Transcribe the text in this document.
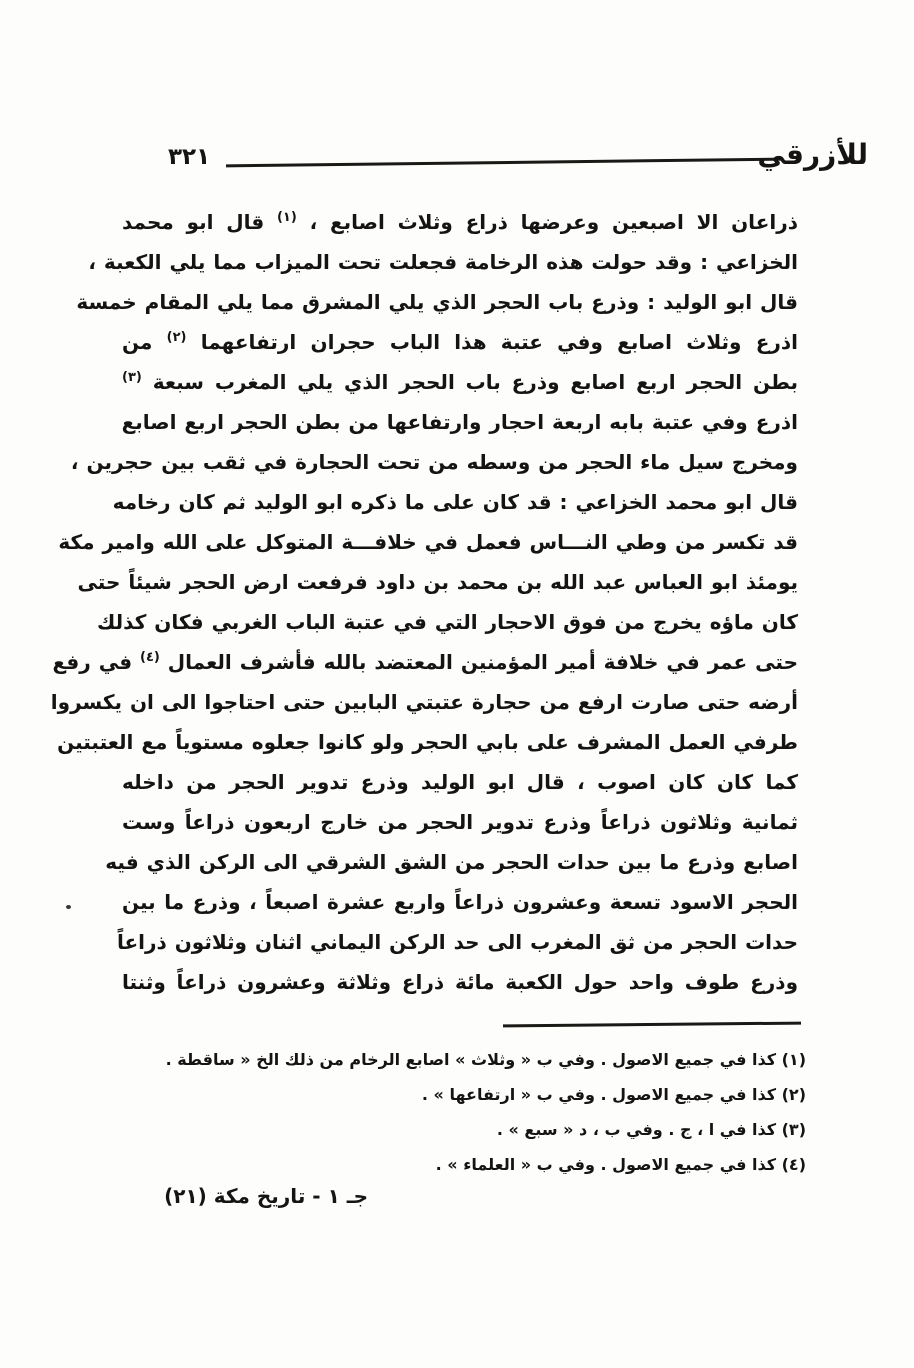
٣٢١	للأزرقي
ذراعان الا اصبعين وعرضها ذراع وثلاث اصابع ، $^{(١)}$ قال ابو محمد
الخزاعي : وقد حولت هذه الرخامة فجعلت تحت الميزاب مما يلي الكعبة ،
قال ابو الوليد : وذرع باب الحجر الذي يلي المشرق مما يلي المقام خمسة
اذرع وثلاث اصابع وفي عتبة هذا الباب حجران ارتفاعهما $^{(٢)}$ من
بطن الحجر اربع اصابع وذرع باب الحجر الذي يلي المغرب سبعة $^{(٣)}$
اذرع وفي عتبة بابه اربعة احجار وارتفاعها من بطن الحجر اربع اصابع
ومخرج سيل ماء الحجر من وسطه من تحت الحجارة في ثقب بين حجرين ،
قال ابو محمد الخزاعي : قد كان على ما ذكره ابو الوليد ثم كان رخامه
قد تكسر من وطي النـــاس فعمل في خلافـــة المتوكل على الله وامير مكة
يومئذ ابو العباس عبد الله بن محمد بن داود فرفعت ارض الحجر شيئاً حتى
كان ماؤه يخرج من فوق الاحجار التي في عتبة الباب الغربي فكان كذلك
حتى عمر في خلافة أمير المؤمنين المعتضد بالله فأشرف العمال $^{(٤)}$ في رفع
أرضه حتى صارت ارفع من حجارة عتبتي البابين حتى احتاجوا الى ان يكسروا
طرفي العمل المشرف على بابي الحجر ولو كانوا جعلوه مستوياً مع العتبتين
كما كان كان اصوب ، قال ابو الوليد وذرع تدوير الحجر من داخله
ثمانية وثلاثون ذراعاً وذرع تدوير الحجر من خارج اربعون ذراعاً وست
اصابع وذرع ما بين حدات الحجر من الشق الشرقي الى الركن الذي فيه
الحجر الاسود تسعة وعشرون ذراعاً واربع عشرة اصبعاً ، وذرع ما بين
حدات الحجر من ثق المغرب الى حد الركن اليماني اثنان وثلاثون ذراعاً
وذرع طوف واحد حول الكعبة مائة ذراع وثلاثة وعشرون ذراعاً وثنتا
(١) كذا في جميع الاصول . وفي ب « وثلاث » اصابع الرخام من ذلك الخ « ساقطة .
(٢) كذا في جميع الاصول . وفي ب « ارتفاعها » .
(٣) كذا في ا ، ج . وفي ب ، د « سبع » .
(٤) كذا في جميع الاصول . وفي ب « العلماء » .
جـ ١ - تاريخ مكة (٢١)
